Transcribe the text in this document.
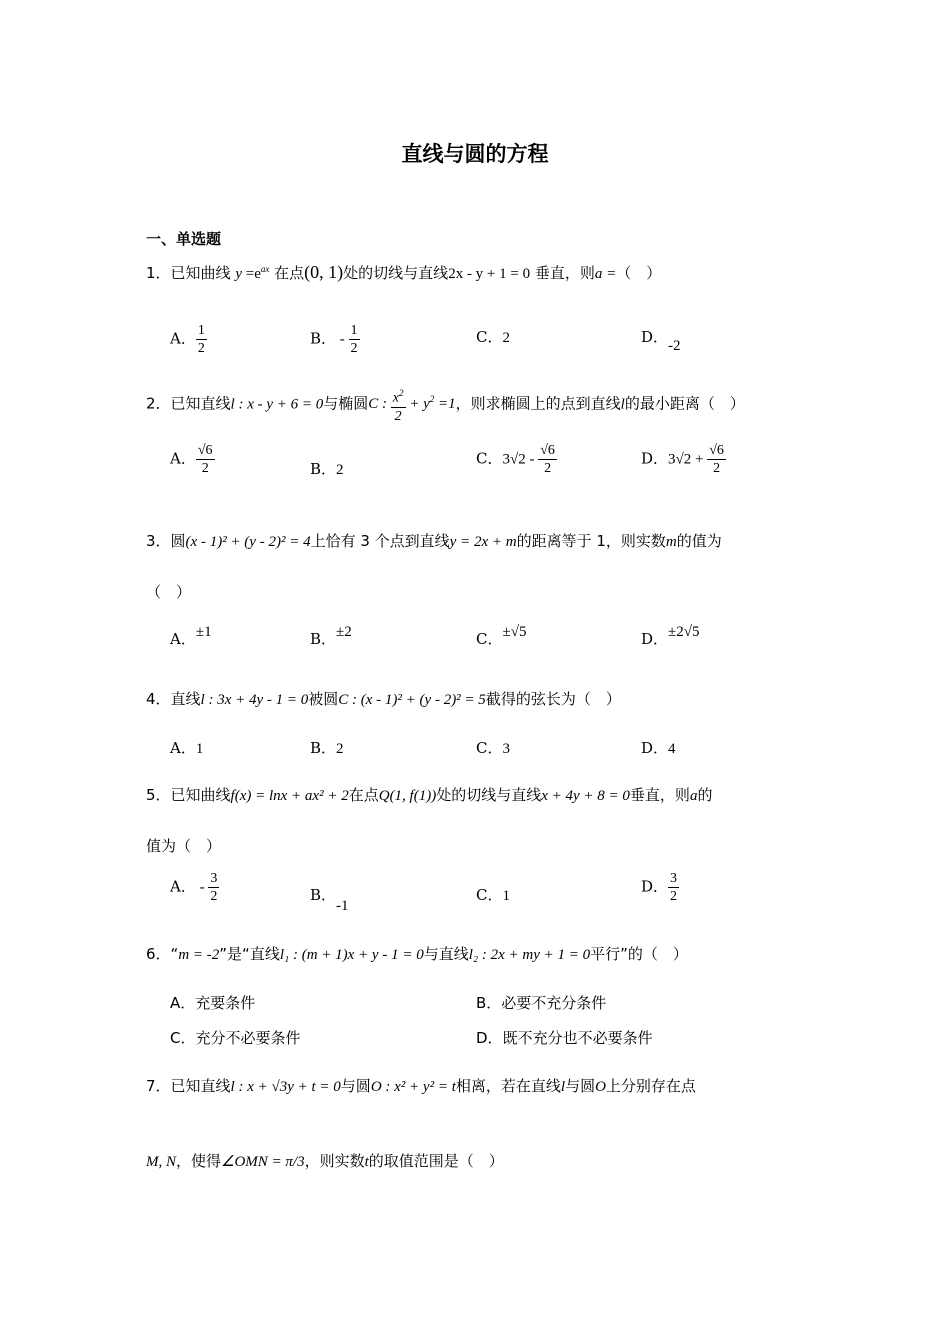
直线与圆的方程
一、单选题
1．已知曲线 $y =e^{ax}$ 在点(0, 1)处的切线与直线2x - y + 1 = 0 垂直，则a =（　）
A． $\frac{1}{2}$	B． - $\frac{1}{2}$	C．2	D．-2
2．已知直线l : x - y + 6 = 0与椭圆C : $\frac{x^2}{2} + y^2 =1$，则求椭圆上的点到直线l的最小距离（　）
A． $\frac{√6}{2}$	B．2
C．$3√2 - \frac{√6}{2}$	D．$3√2 + \frac{√6}{2}$
3．圆(x - 1)² + (y - 2)² = 4上恰有 3 个点到直线y = 2x + m的距离等于 1，则实数m的值为
（　）
A．±1	B．±2	C．±√5	D．±2√5
4．直线l : 3x + 4y - 1 = 0被圆C : (x - 1)² + (y - 2)² = 5截得的弦长为（　）
A．1	B．2	C．3	D．4
5．已知曲线f(x) = lnx + ax² + 2在点Q(1, f(1))处的切线与直线x + 4y + 8 = 0垂直，则a的
值为（　）
A． - $\frac{3}{2}$	B．-1
C．1
D． $\frac{3}{2}$
6．“m = -2”是“直线l₁ : (m + 1)x + y - 1 = 0与直线l₂ : 2x + my + 1 = 0平行”的（　）
A．充要条件	B．必要不充分条件
C．充分不必要条件	D．既不充分也不必要条件
7．已知直线l : x + √3y + t = 0与圆O : x² + y² = t相离，若在直线l与圆O上分别存在点
M, N，使得∠OMN = π/3，则实数t的取值范围是（　）
